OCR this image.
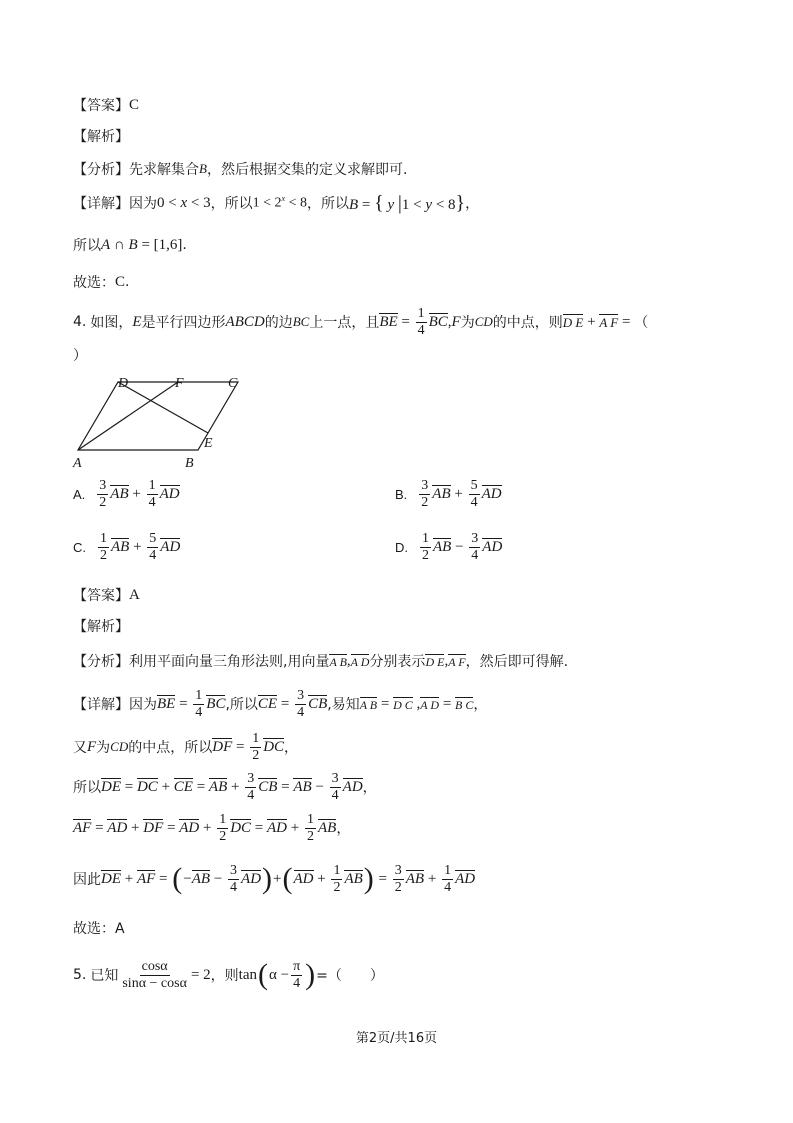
【答案】 C
【解析】
【分析】 先求解集合 B ，然后根据交集的定义求解即可.
【详解】 因为 0 < x < 3 ，所以 $1 < 2^x < 8$ ，所以 B = { y |1 < y < 8} ，
所以 A ∩ B = [1,6] .
故选： C .
4. 如图， E 是平行四边形 ABCD 的边 BC 上一点，且 BE = $\frac{1}{4}$ BC , F 为 CD 的中点，则 D E + A F = （
）
D	F	C
E
A	B
A.
3
2 AB + $\frac{1}{4}$ AD	B.
3
2 AB + $\frac{5}{4}$ AD
C.
1
2 AB + $\frac{5}{4}$ AD	D.
1
2 AB − $\frac{3}{4}$ AD
【答案】 A
【解析】
【分析】 利用平面向量三角形法则,用向量 A B , A D 分别表示 D E , A F ，然后即可得解.
【详解】 因为 BE = $\frac{1}{4}$ BC ,所以 CE = $\frac{3}{4}$ CB ,易知 A B = D C , A D = B C ，
又 F 为 CD 的中点，所以 DF = $\frac{1}{2}$ DC ，
所以 DE = DC + CE = AB + $\frac{3}{4}$ CB = AB − $\frac{3}{4}$ AD ，
AF = AD + DF = AD + $\frac{1}{2}$ DC = AD + $\frac{1}{2}$ AB ，
因此 DE + AF = ( − AB − $\frac{3}{4}$ AD ) + ( AD + $\frac{1}{2}$ AB ) = $\frac{3}{2}$ AB + $\frac{1}{4}$ AD
故选：A
5. 已知 $\frac{\cos\alpha}{\sin\alpha - \cos\alpha} = 2$ ，则 tan ( $\alpha - \frac{\pi}{4}$ ) =（　　）
第2页/共16页
